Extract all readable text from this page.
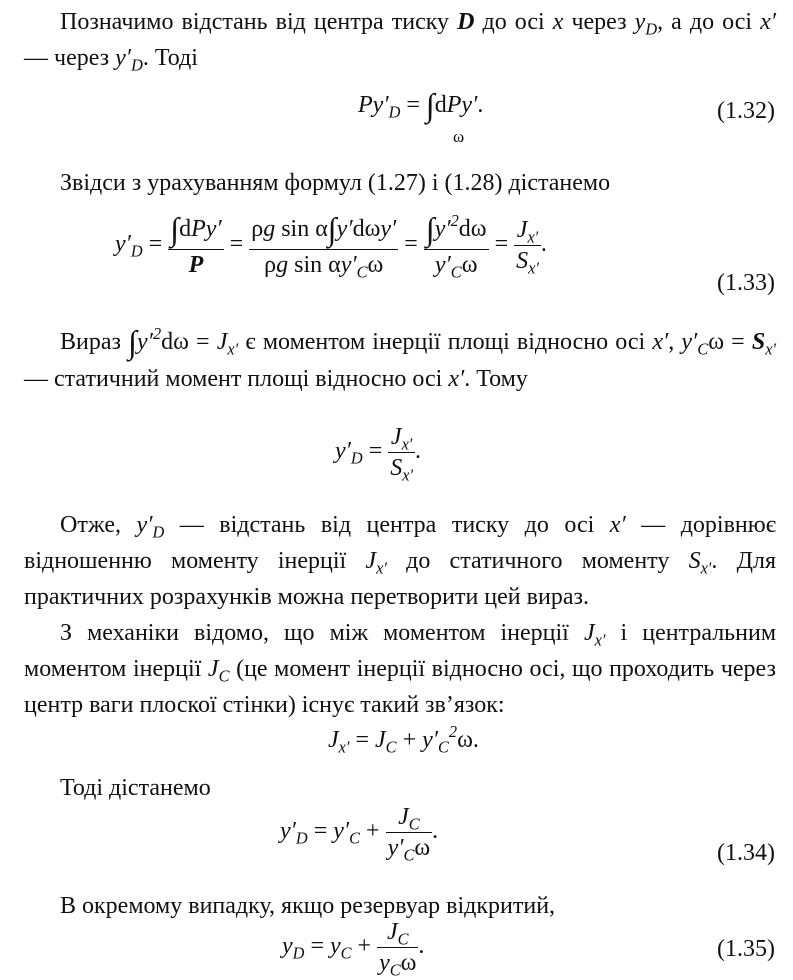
Позначимо відстань від центра тиску D до осі x через $y_D$, а до осі x′ — через $y'_D$. Тоді

$Py'_D = \int dPy'$.
ω
(1.32)

Звідси з урахуванням формул (1.27) і (1.28) дістанемо

$y'_D = \frac{\text{∫dPy′}}{P} = \frac{\text{ρg sin α∫y′dωy′}}{\rho g \sin \alpha y'_C\omega} = \frac{\int y'^2d\omega}{y'_C\omega} = \frac{J_{x'}}{S_{x'}}$ .
(1.33)

Вираз $\int y'^2d\omega = J_{x'}$ є моментом інерції площі відносно осі x′, $y'_C\omega = S_{x'}$ — статичний момент площі відносно осі x′. Тому

$y'_D = \frac{J_{x'}}{S_{x'}}$ .

Отже, $y'_D$ — відстань від центра тиску до осі x′ — дорівнює відношенню моменту інерції $J_{x'}$ до статичного моменту $S_{x'}$. Для практичних розрахунків можна перетворити цей вираз.

З механіки відомо, що між моментом інерції $J_{x'}$ і центральним моментом інерції $J_C$ (це момент інерції відносно осі, що проходить через центр ваги плоскої стінки) існує такий зв’язок:

$J_{x'} = J_C + y'_C^2\omega$.

Тоді дістанемо

$y'_D = y'_C + \frac{J_C}{y'_C\omega}$ .
(1.34)

В окремому випадку, якщо резервуар відкритий,

$y_D = y_C + \frac{J_C}{y_C\omega}$ .	(1.35)
